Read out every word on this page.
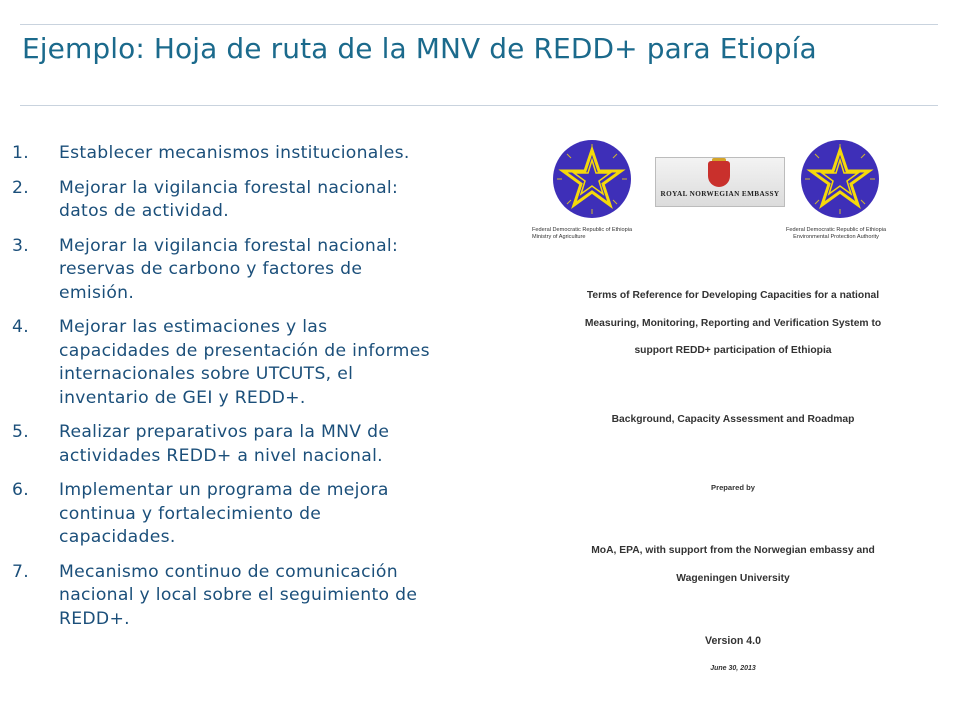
Ejemplo: Hoja de ruta de la MNV de REDD+ para Etiopía
1.	Establecer mecanismos institucionales.
2.	Mejorar la vigilancia forestal nacional:
datos de actividad.
3.	Mejorar la vigilancia forestal nacional:
reservas de carbono y factores de
emisión.
4.	Mejorar las estimaciones y las
capacidades de presentación de informes
internacionales sobre UTCUTS, el
inventario de GEI y REDD+.
5.	Realizar preparativos para la MNV de
actividades REDD+ a nivel nacional.
6.	Implementar un programa de mejora
continua y fortalecimiento de
capacidades.
7.	Mecanismo continuo de comunicación
nacional y local sobre el seguimiento de
REDD+.
Federal Democratic Republic of Ethiopia
Ministry of Agriculture
ROYAL NORWEGIAN EMBASSY
Federal Democratic Republic of Ethiopia
Environmental Protection Authority
Terms of Reference for Developing Capacities for a national
Measuring, Monitoring, Reporting and Verification System to
support REDD+ participation of Ethiopia
Background, Capacity Assessment and Roadmap
Prepared by
MoA, EPA, with support from the Norwegian embassy and
Wageningen University
Version 4.0
June 30, 2013
